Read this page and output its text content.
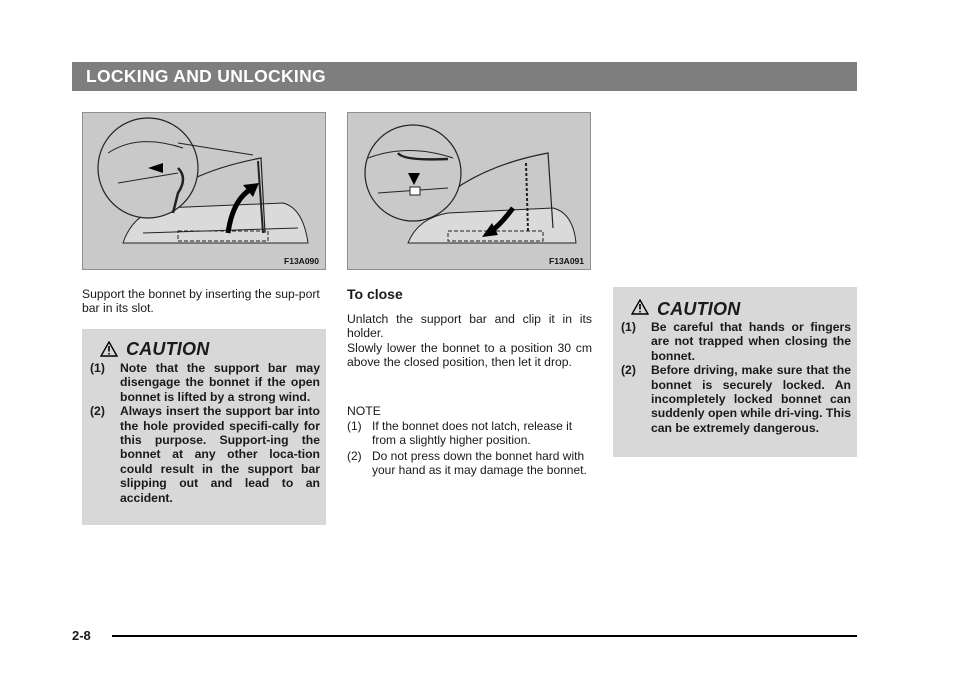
LOCKING AND UNLOCKING
F13A090	F13A091
Support the bonnet by inserting the sup-port bar in its slot.
CAUTION
(1) Note that the support bar may disengage the bonnet if the open bonnet is lifted by a strong wind.
(2) Always insert the support bar into the hole provided specifi-cally for this purpose. Support-ing the bonnet at any other loca-tion could result in the support bar slipping out and lead to an accident.
To close
Unlatch the support bar and clip it in its holder.
Slowly lower the bonnet to a position 30 cm above the closed position, then let it drop.
NOTE
(1) If the bonnet does not latch, release it from a slightly higher position.
(2) Do not press down the bonnet hard with your hand as it may damage the bonnet.
CAUTION
(1) Be careful that hands or fingers are not trapped when closing the bonnet.
(2) Before driving, make sure that the bonnet is securely locked. An incompletely locked bonnet can suddenly open while dri-ving. This can be extremely dangerous.
2-8
